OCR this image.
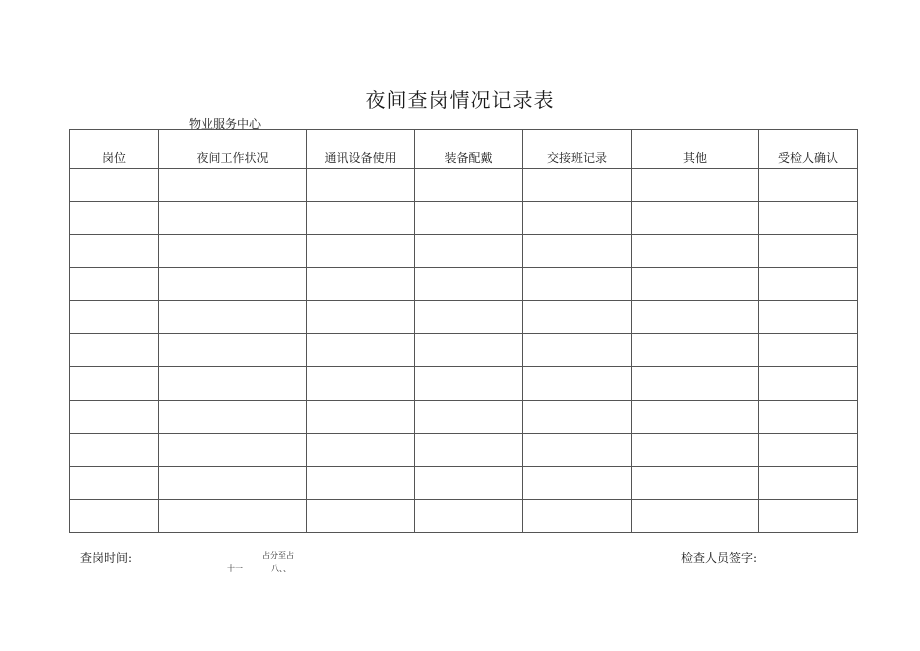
夜间查岗情况记录表
物业服务中心
岗位	夜间工作状况	通讯设备使用	装备配戴	交接班记录	其他	受检人确认

查岗时间:	占分至占
十一	八、、
检查人员签字:
